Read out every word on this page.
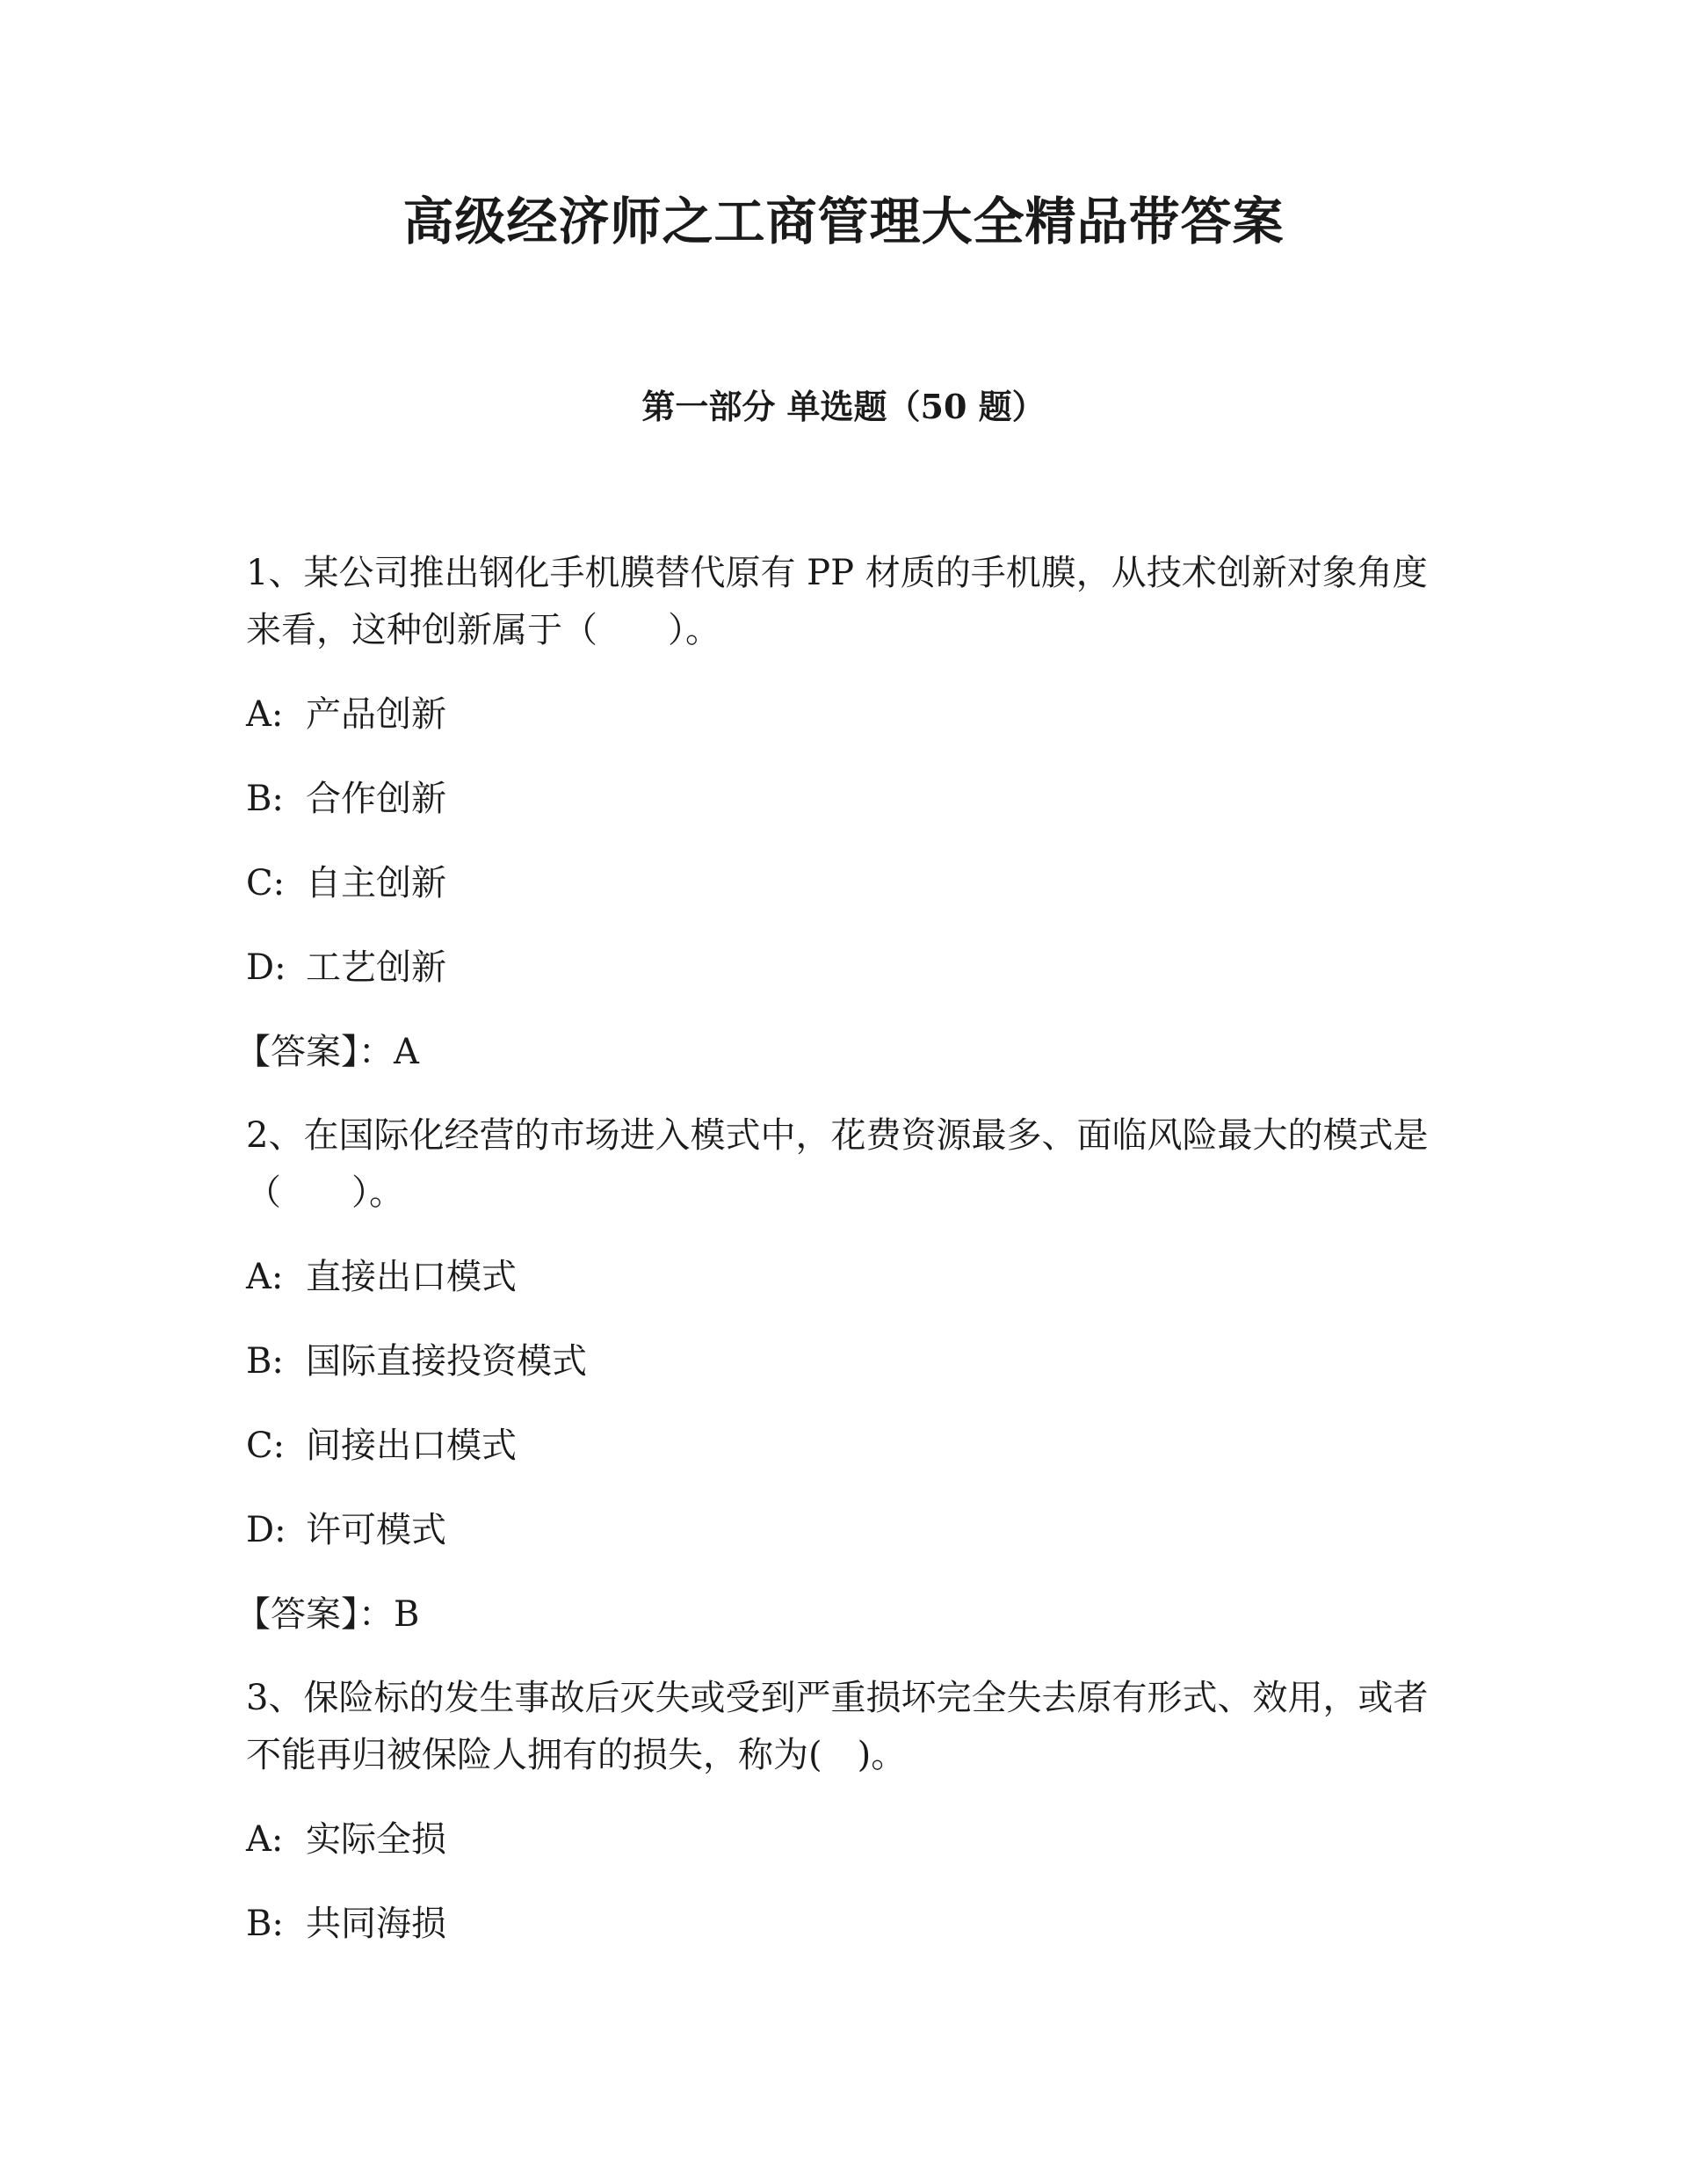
高级经济师之工商管理大全精品带答案
第一部分 单选题（50 题）

1、某公司推出钢化手机膜替代原有 PP 材质的手机膜，从技术创新对象角度来看，这种创新属于（　　）。

A: 产品创新
B: 合作创新
C: 自主创新
D: 工艺创新
【答案】：A

2、在国际化经营的市场进入模式中，花费资源最多、面临风险最大的模式是（　　）。

A: 直接出口模式
B: 国际直接投资模式
C: 间接出口模式
D: 许可模式
【答案】：B

3、保险标的发生事故后灭失或受到严重损坏完全失去原有形式、效用，或者不能再归被保险人拥有的损失，称为(　)。

A: 实际全损
B: 共同海损
